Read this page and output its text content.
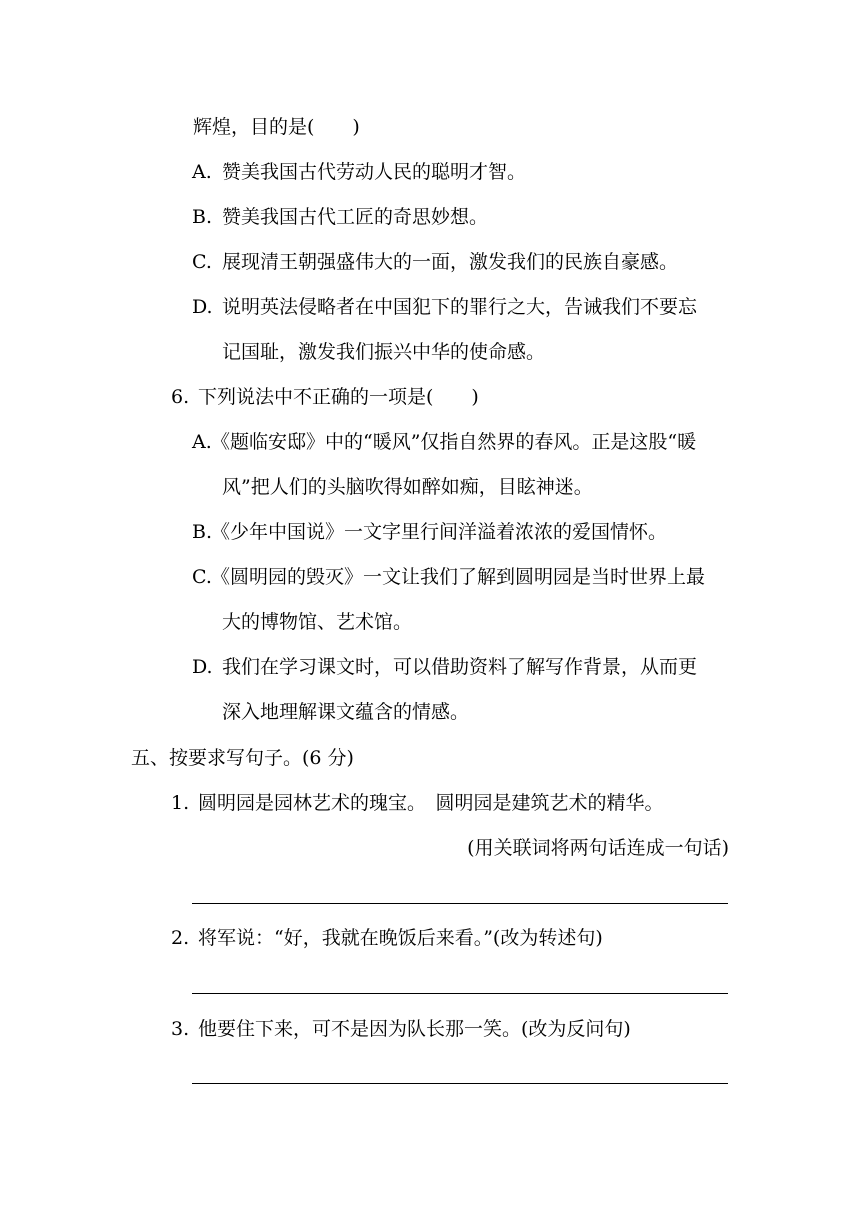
辉煌，目的是(　　)
A. 赞美我国古代劳动人民的聪明才智。
B. 赞美我国古代工匠的奇思妙想。
C. 展现清王朝强盛伟大的一面，激发我们的民族自豪感。
D. 说明英法侵略者在中国犯下的罪行之大，告诫我们不要忘
记国耻，激发我们振兴中华的使命感。
6. 下列说法中不正确的一项是(　　)
A. 《题临安邸》中的“暖风”仅指自然界的春风。正是这股“暖
风”把人们的头脑吹得如醉如痴，目眩神迷。
B.
《少年中国说》一文字里行间洋溢着浓浓的爱国情怀。
C. 《圆明园的毁灭》一文让我们了解到圆明园是当时世界上最
大的博物馆、艺术馆。
D. 我们在学习课文时，可以借助资料了解写作背景，从而更
深入地理解课文蕴含的情感。
五、按要求写句子。(6 分)
1. 圆明园是园林艺术的瑰宝。　圆明园是建筑艺术的精华。
(用关联词将两句话连成一句话)
2. 将军说：“好，我就在晚饭后来看。”(改为转述句)
3. 他要住下来，可不是因为队长那一笑。(改为反问句)
